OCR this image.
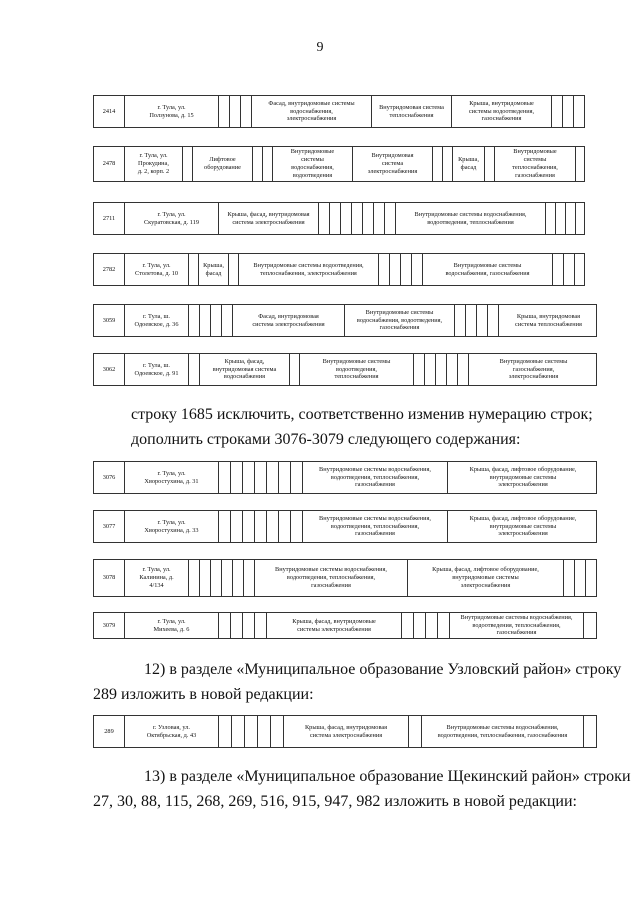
9
2414
г. Тула, ул.
Ползунова, д. 15
Фасад, внутридомовые системы
водоснабжения,
электроснабжения
Внутридомовая система
теплоснабжения
Крыша, внутридомовые
системы водоотведения,
газоснабжения
2478
г. Тула, ул.
Прокудина,
д. 2, корп. 2
Лифтовое
оборудование
Внутридомовые
системы
водоснабжения,
водоотведения
Внутридомовая
система
электроснабжения
Крыша,
фасад
Внутридомовые
системы
теплоснабжения,
газоснабжения
2711
г. Тула, ул.
Скуратовская, д. 119
Крыша, фасад, внутридомовая
система электроснабжения
Внутридомовые системы водоснабжения,
водоотведения, теплоснабжения
2782
г. Тула, ул.
Столетова, д. 10
Крыша,
фасад
Внутридомовые системы водоотведения,
теплоснабжения, электроснабжения
Внутридомовые системы
водоснабжения, газоснабжения
3059
г. Тула, ш.
Одоевское, д. 36
Фасад, внутридомовая
система электроснабжения
Внутридомовые системы
водоснабжения, водоотведения,
газоснабжения
Крыша, внутридомовая
система теплоснабжения
3062
г. Тула, ш.
Одоевское, д. 91
Крыша, фасад,
внутридомовая система
водоснабжения
Внутридомовые системы
водоотведения,
теплоснабжения
Внутридомовые системы
газоснабжения,
электроснабжения
строку 1685 исключить, соответственно изменив нумерацию строк;
дополнить строками 3076-3079 следующего содержания:
3076
г. Тула, ул.
Хворостухина, д. 31
Внутридомовые системы водоснабжения,
водоотведения, теплоснабжения,
газоснабжения
Крыша, фасад, лифтовое оборудование,
внутридомовые системы
электроснабжения
3077
г. Тула, ул.
Хворостухина, д. 33
Внутридомовые системы водоснабжения,
водоотведения, теплоснабжения,
газоснабжения
Крыша, фасад, лифтовое оборудование,
внутридомовые системы
электроснабжения
3078
г. Тула, ул.
Калинина, д.
4/134
Внутридомовые системы водоснабжения,
водоотведения, теплоснабжения,
газоснабжения
Крыша, фасад, лифтовое оборудование,
внутридомовые системы
электроснабжения
3079
г. Тула, ул.
Михеева, д. 6
Крыша, фасад, внутридомовые
системы электроснабжения
Внутридомовые системы водоснабжения,
водоотведения, теплоснабжения, газоснабжения
12) в разделе «Муниципальное образование Узловский район» строку
289 изложить в новой редакции:
289
г. Узловая, ул.
Октябрьская, д. 43
Крыша, фасад, внутридомовая
система электроснабжения
Внутридомовые системы водоснабжения,
водоотведения, теплоснабжения, газоснабжения
13) в разделе «Муниципальное образование Щекинский район» строки
27, 30, 88, 115, 268, 269, 516, 915, 947, 982 изложить в новой редакции:
